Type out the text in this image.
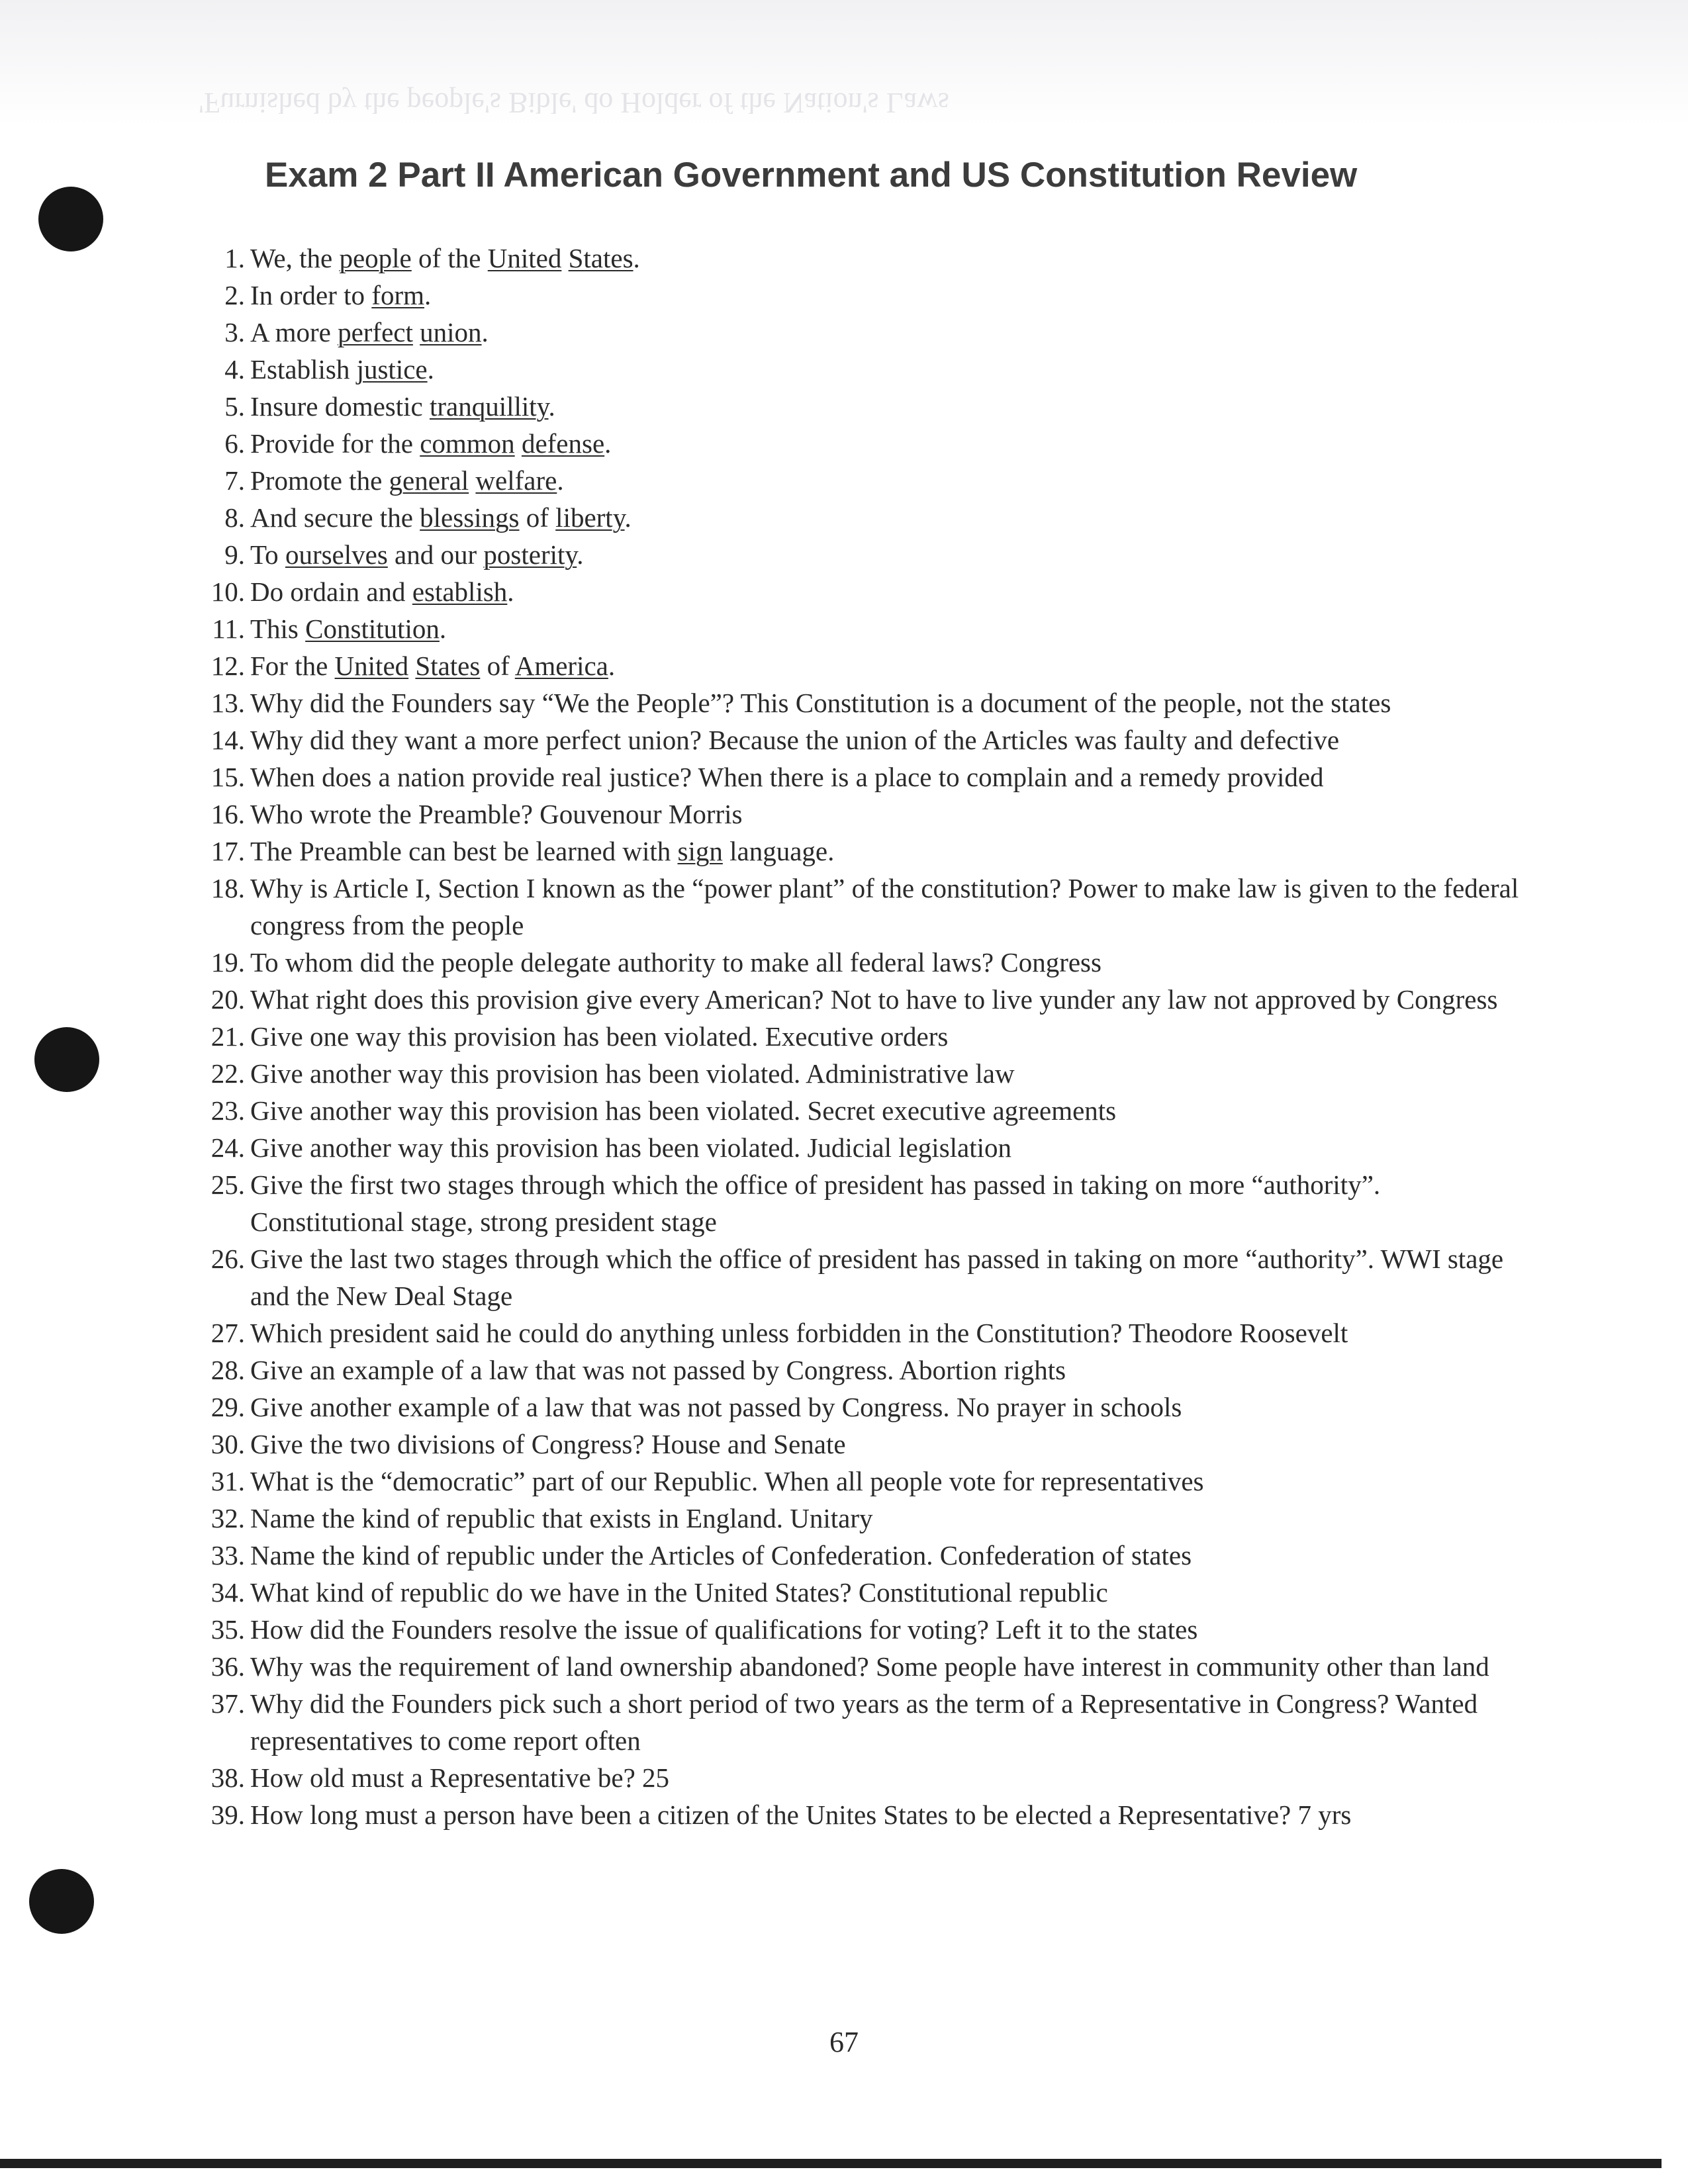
'Furnished by the people's Bible' do Holder of the Nation's Laws
Exam 2 Part II American Government and US Constitution Review
1. We, the people of the United States.
2. In order to form.
3. A more perfect union.
4. Establish justice.
5. Insure domestic tranquillity.
6. Provide for the common defense.
7. Promote the general welfare.
8. And secure the blessings of liberty.
9. To ourselves and our posterity.
10. Do ordain and establish.
11. This Constitution.
12. For the United States of America.
13. Why did the Founders say “We the People”? This Constitution is a document of the people, not the states
14. Why did they want a more perfect union? Because the union of the Articles was faulty and defective
15. When does a nation provide real justice? When there is a place to complain and a remedy provided
16. Who wrote the Preamble? Gouvenour Morris
17. The Preamble can best be learned with sign language.
18. Why is Article I, Section I known as the “power plant” of the constitution? Power to make law is given to the federal congress from the people
19. To whom did the people delegate authority to make all federal laws? Congress
20. What right does this provision give every American? Not to have to live yunder any law not approved by Congress
21. Give one way this provision has been violated. Executive orders
22. Give another way this provision has been violated. Administrative law
23. Give another way this provision has been violated. Secret executive agreements
24. Give another way this provision has been violated. Judicial legislation
25. Give the first two stages through which the office of president has passed in taking on more “authority”. Constitutional stage, strong president stage
26. Give the last two stages through which the office of president has passed in taking on more “authority”. WWI stage and the New Deal Stage
27. Which president said he could do anything unless forbidden in the Constitution? Theodore Roosevelt
28. Give an example of a law that was not passed by Congress. Abortion rights
29. Give another example of a law that was not passed by Congress. No prayer in schools
30. Give the two divisions of Congress? House and Senate
31. What is the “democratic” part of our Republic. When all people vote for representatives
32. Name the kind of republic that exists in England. Unitary
33. Name the kind of republic under the Articles of Confederation. Confederation of states
34. What kind of republic do we have in the United States? Constitutional republic
35. How did the Founders resolve the issue of qualifications for voting? Left it to the states
36. Why was the requirement of land ownership abandoned? Some people have interest in community other than land
37. Why did the Founders pick such a short period of two years as the term of a Representative in Congress? Wanted representatives to come report often
38. How old must a Representative be? 25
39. How long must a person have been a citizen of the Unites States to be elected a Representative? 7 yrs
67
